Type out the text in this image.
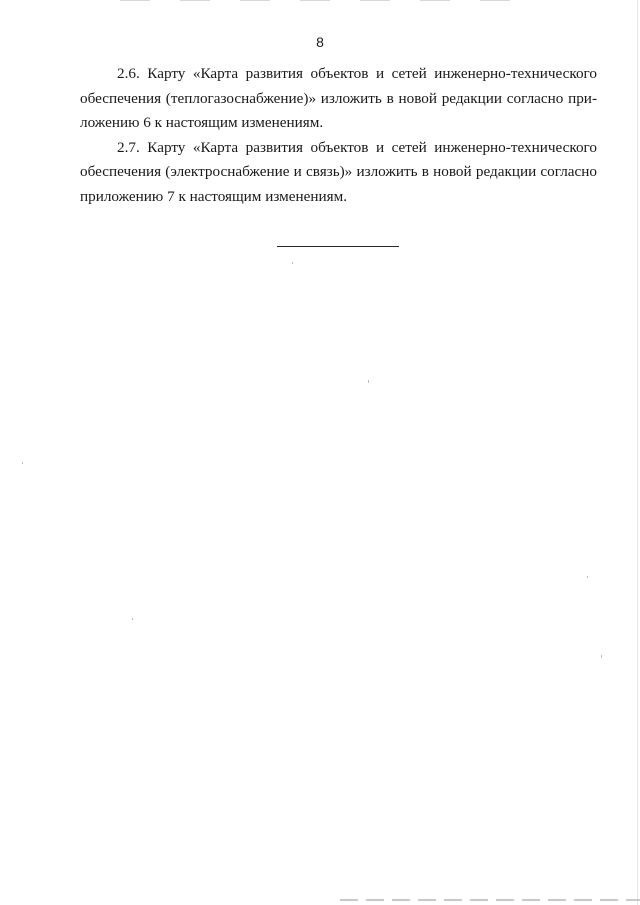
8

2.6. Карту «Карта развития объектов и сетей инженерно-технического обеспечения (теплогазоснабжение)» изложить в новой редакции согласно приложению 6 к настоящим изменениям.

2.7. Карту «Карта развития объектов и сетей инженерно-технического обеспечения (электроснабжение и связь)» изложить в новой редакции согласно приложению 7 к настоящим изменениям.
